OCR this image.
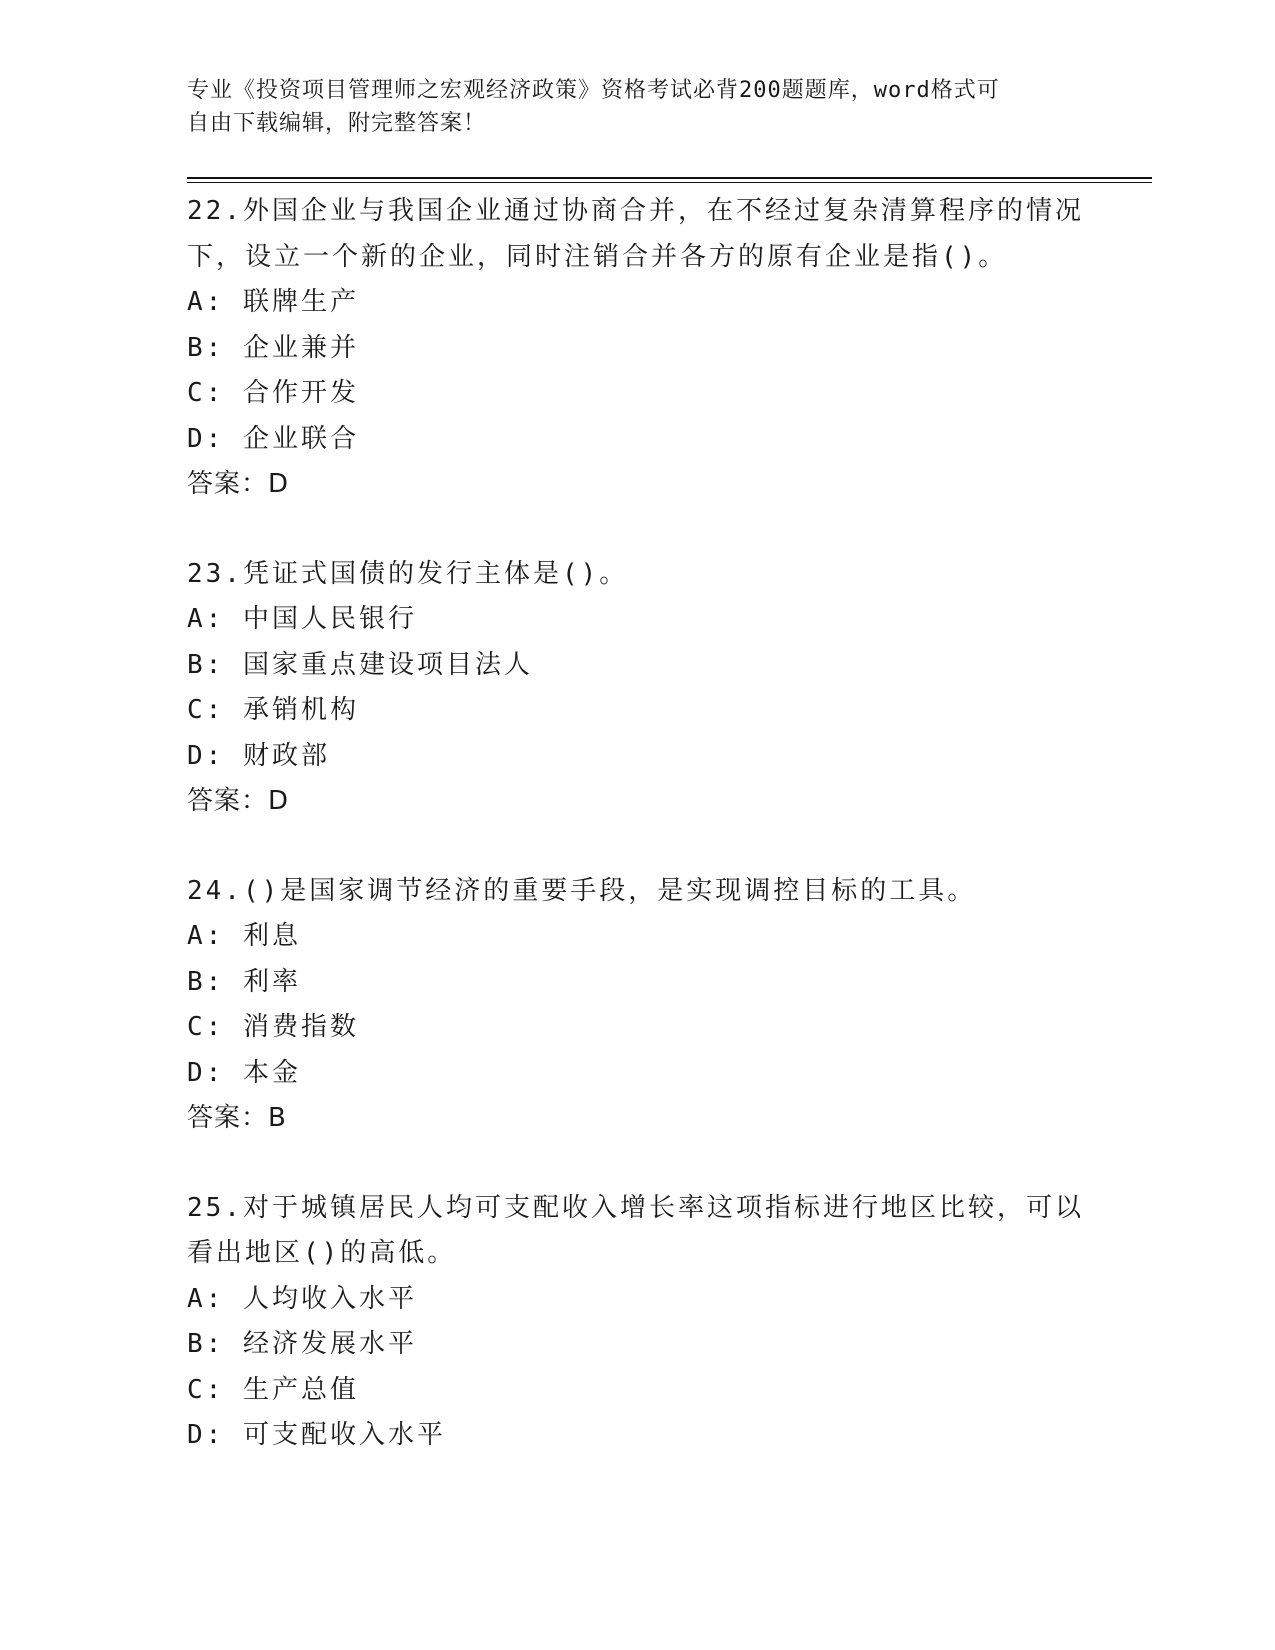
专业《投资项目管理师之宏观经济政策》资格考试必背200题题库，word格式可
自由下载编辑，附完整答案！
22.外国企业与我国企业通过协商合并，在不经过复杂清算程序的情况
下，设立一个新的企业，同时注销合并各方的原有企业是指()。
A: 联牌生产
B: 企业兼并
C: 合作开发
D: 企业联合
答案：D
23.凭证式国债的发行主体是()。
A: 中国人民银行
B: 国家重点建设项目法人
C: 承销机构
D: 财政部
答案：D
24.()是国家调节经济的重要手段，是实现调控目标的工具。
A: 利息
B: 利率
C: 消费指数
D: 本金
答案：B
25.对于城镇居民人均可支配收入增长率这项指标进行地区比较，可以
看出地区()的高低。
A: 人均收入水平
B: 经济发展水平
C: 生产总值
D: 可支配收入水平
